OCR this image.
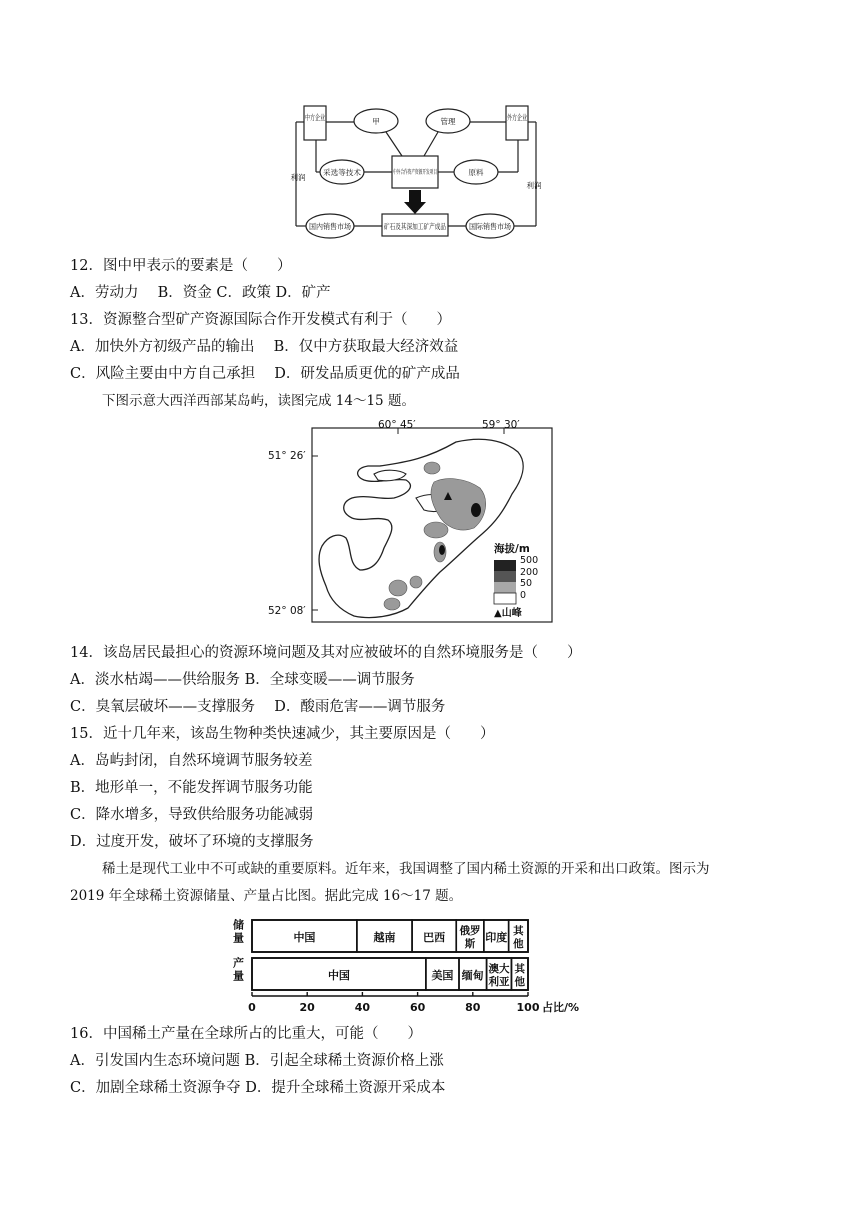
中方企业	甲	管理	外方企业
利润
利润
采选等技术	中外合作资产资源开发项目 原料
国内销售市场	矿石及其深加工矿产成品 国际销售市场
12．图中甲表示的要素是（　　）
A．劳动力　 B．资金 C．政策 D．矿产
13．资源整合型矿产资源国际合作开发模式有利于（　　）
A．加快外方初级产品的输出　 B．仅中方获取最大经济效益
C．风险主要由中方自己承担　 D．研发品质更优的矿产成品
下图示意大西洋西部某岛屿，读图完成 14～15 题。
60° 45′	59° 30′
51° 26′
52° 08′
海拔/m
500
200
50
0
▲山峰
14．该岛居民最担心的资源环境问题及其对应被破坏的自然环境服务是（　　）
A．淡水枯竭——供给服务 B．全球变暖——调节服务
C．臭氧层破坏——支撑服务　 D．酸雨危害——调节服务
15．近十几年来，该岛生物种类快速减少，其主要原因是（　　）
A．岛屿封闭，自然环境调节服务较差
B．地形单一，不能发挥调节服务功能
C．降水增多，导致供给服务功能减弱
D．过度开发，破坏了环境的支撑服务
稀土是现代工业中不可或缺的重要原料。近年来，我国调整了国内稀土资源的开采和出口政策。图示为
2019 年全球稀土资源储量、产量占比图。据此完成 16～17 题。
储量	中国	越南	巴西 俄罗
斯 印度 其
他
产量	中国	美国 缅甸 澳大
利亚
其
他
0	20	40	60	80	100 占比/%
16．中国稀土产量在全球所占的比重大，可能（　　）
A．引发国内生态环境问题 B．引起全球稀土资源价格上涨
C．加剧全球稀土资源争夺 D．提升全球稀土资源开采成本
